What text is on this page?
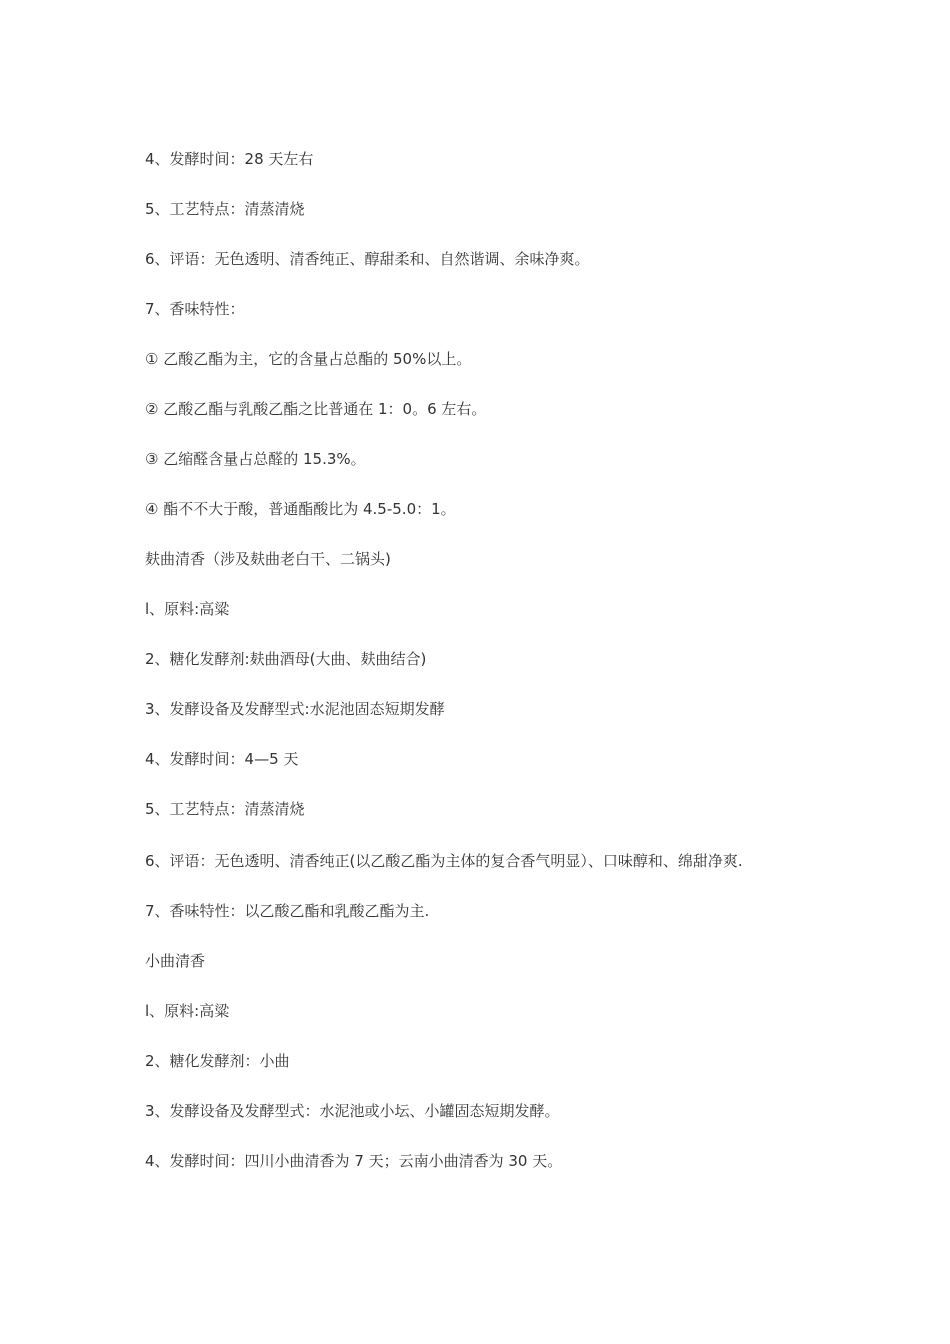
4、发酵时间：28 天左右

5、工艺特点：清蒸清烧

6、评语：无色透明、清香纯正、醇甜柔和、自然谐调、余味净爽。

7、香味特性：

① 乙酸乙酯为主，它的含量占总酯的 50%以上。

② 乙酸乙酯与乳酸乙酯之比普通在 1：0。6 左右。

③ 乙缩醛含量占总醛的 15.3%。

④ 酯不不大于酸，普通酯酸比为 4.5-5.0：1。

麸曲清香（涉及麸曲老白干、二锅头)

l、原料:高粱

2、糖化发酵剂:麸曲酒母(大曲、麸曲结合)

3、发酵设备及发酵型式:水泥池固态短期发酵

4、发酵时间：4—5 天

5、工艺特点：清蒸清烧

6、评语：无色透明、清香纯正(以乙酸乙酯为主体的复合香气明显）、口味醇和、绵甜净爽.

7、香味特性：以乙酸乙酯和乳酸乙酯为主.

小曲清香

l、原料:高粱

2、糖化发酵剂：小曲

3、发酵设备及发酵型式：水泥池或小坛、小罐固态短期发酵。

4、发酵时间：四川小曲清香为 7 天；云南小曲清香为 30 天。
